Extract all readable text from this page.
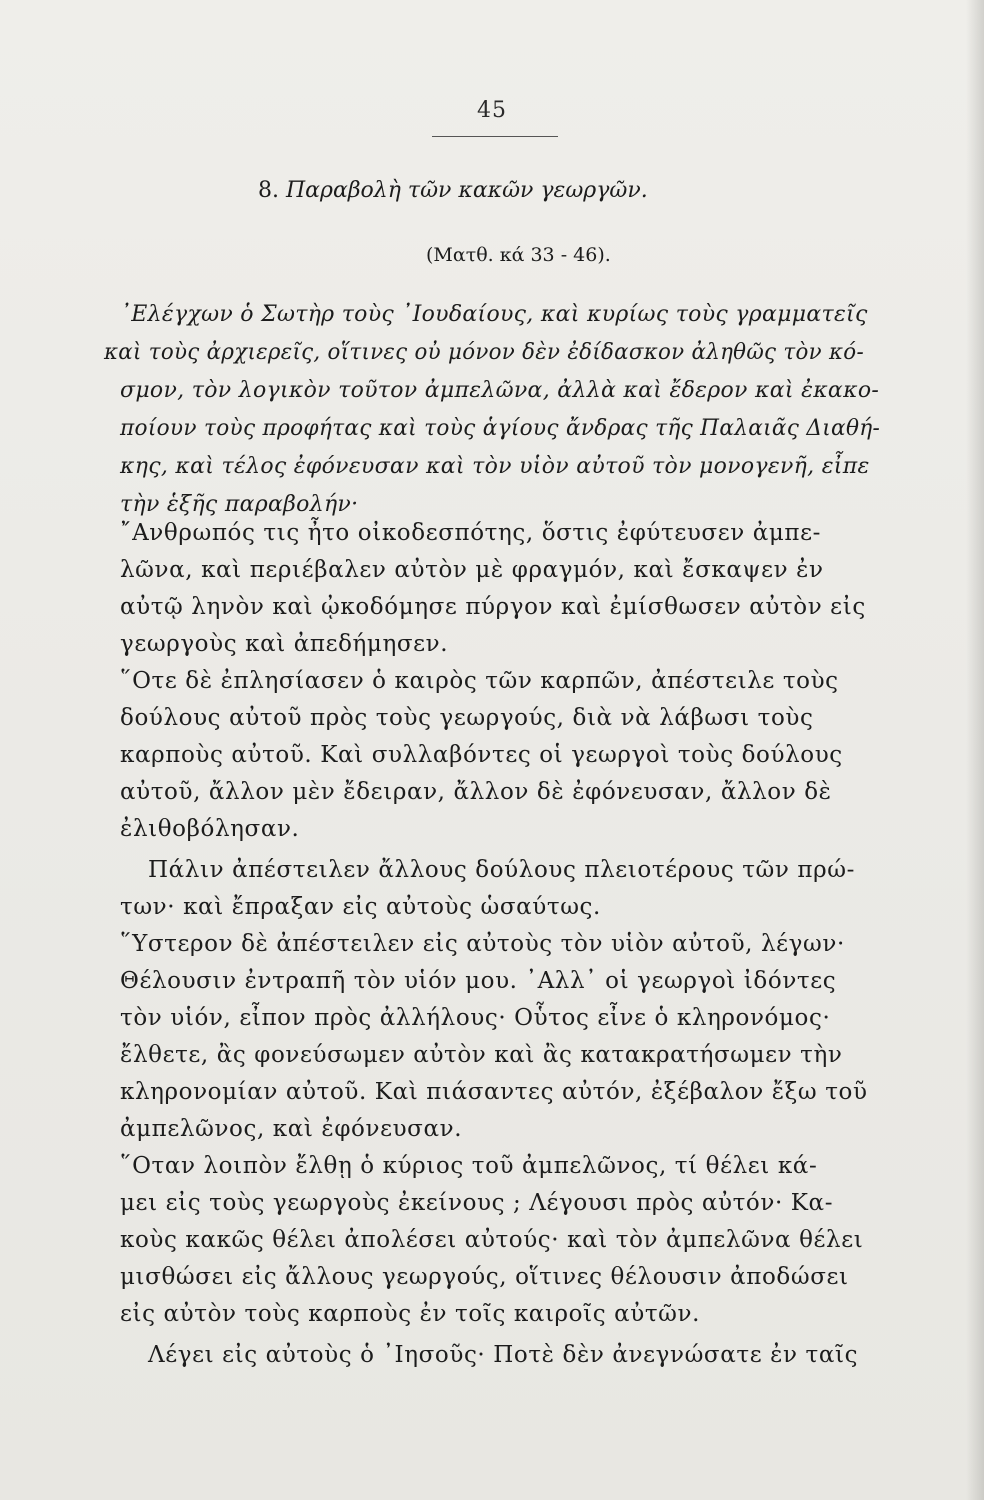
45
8. Παραβολὴ τῶν κακῶν γεωργῶν.
(Ματθ. κά 33 - 46).
᾿Ελέγχων ὁ Σωτὴρ τοὺς ᾿Ιουδαίους, καὶ κυρίως τοὺς γραμματεῖς
καὶ τοὺς ἀρχιερεῖς, οἵτινες οὐ μόνον δὲν ἐδίδασκον ἀληθῶς τὸν κό-
σμον, τὸν λογικὸν τοῦτον ἀμπελῶνα, ἀλλὰ καὶ ἔδερον καὶ ἐκακο-
ποίουν τοὺς προφήτας καὶ τοὺς ἁγίους ἄνδρας τῆς Παλαιᾶς Διαθή-
κης, καὶ τέλος ἐφόνευσαν καὶ τὸν υἱὸν αὐτοῦ τὸν μονογενῆ, εἶπε
τὴν ἑξῆς παραβολήν·
῎Ανθρωπός τις ἦτο οἰκοδεσπότης, ὅστις ἐφύτευσεν ἀμπε-
λῶνα, καὶ περιέβαλεν αὐτὸν μὲ φραγμόν, καὶ ἔσκαψεν ἐν
αὐτῷ ληνὸν καὶ ᾠκοδόμησε πύργον καὶ ἐμίσθωσεν αὐτὸν εἰς
γεωργοὺς καὶ ἀπεδήμησεν.
῞Οτε δὲ ἐπλησίασεν ὁ καιρὸς τῶν καρπῶν, ἀπέστειλε τοὺς
δούλους αὐτοῦ πρὸς τοὺς γεωργούς, διὰ νὰ λάβωσι τοὺς
καρποὺς αὐτοῦ. Καὶ συλλαβόντες οἱ γεωργοὶ τοὺς δούλους
αὐτοῦ, ἄλλον μὲν ἔδειραν, ἄλλον δὲ ἐφόνευσαν, ἄλλον δὲ
ἐλιθοβόλησαν.
Πάλιν ἀπέστειλεν ἄλλους δούλους πλειοτέρους τῶν πρώ-
των· καὶ ἔπραξαν εἰς αὐτοὺς ὡσαύτως.
῞Υστερον δὲ ἀπέστειλεν εἰς αὐτοὺς τὸν υἱὸν αὐτοῦ, λέγων·
Θέλουσιν ἐντραπῆ τὸν υἱόν μου. ᾿Αλλ᾿ οἱ γεωργοὶ ἰδόντες
τὸν υἱόν, εἶπον πρὸς ἀλλήλους· Οὗτος εἶνε ὁ κληρονόμος·
ἔλθετε, ἂς φονεύσωμεν αὐτὸν καὶ ἂς κατακρατήσωμεν τὴν
κληρονομίαν αὐτοῦ. Καὶ πιάσαντες αὐτόν, ἐξέβαλον ἔξω τοῦ
ἀμπελῶνος, καὶ ἐφόνευσαν.
῞Οταν λοιπὸν ἔλθῃ ὁ κύριος τοῦ ἀμπελῶνος, τί θέλει κά-
μει εἰς τοὺς γεωργοὺς ἐκείνους ; Λέγουσι πρὸς αὐτόν· Κα-
κοὺς κακῶς θέλει ἀπολέσει αὐτούς· καὶ τὸν ἀμπελῶνα θέλει
μισθώσει εἰς ἄλλους γεωργούς, οἵτινες θέλουσιν ἀποδώσει
εἰς αὐτὸν τοὺς καρποὺς ἐν τοῖς καιροῖς αὐτῶν.
Λέγει εἰς αὐτοὺς ὁ ᾿Ιησοῦς· Ποτὲ δὲν ἀνεγνώσατε ἐν ταῖς
